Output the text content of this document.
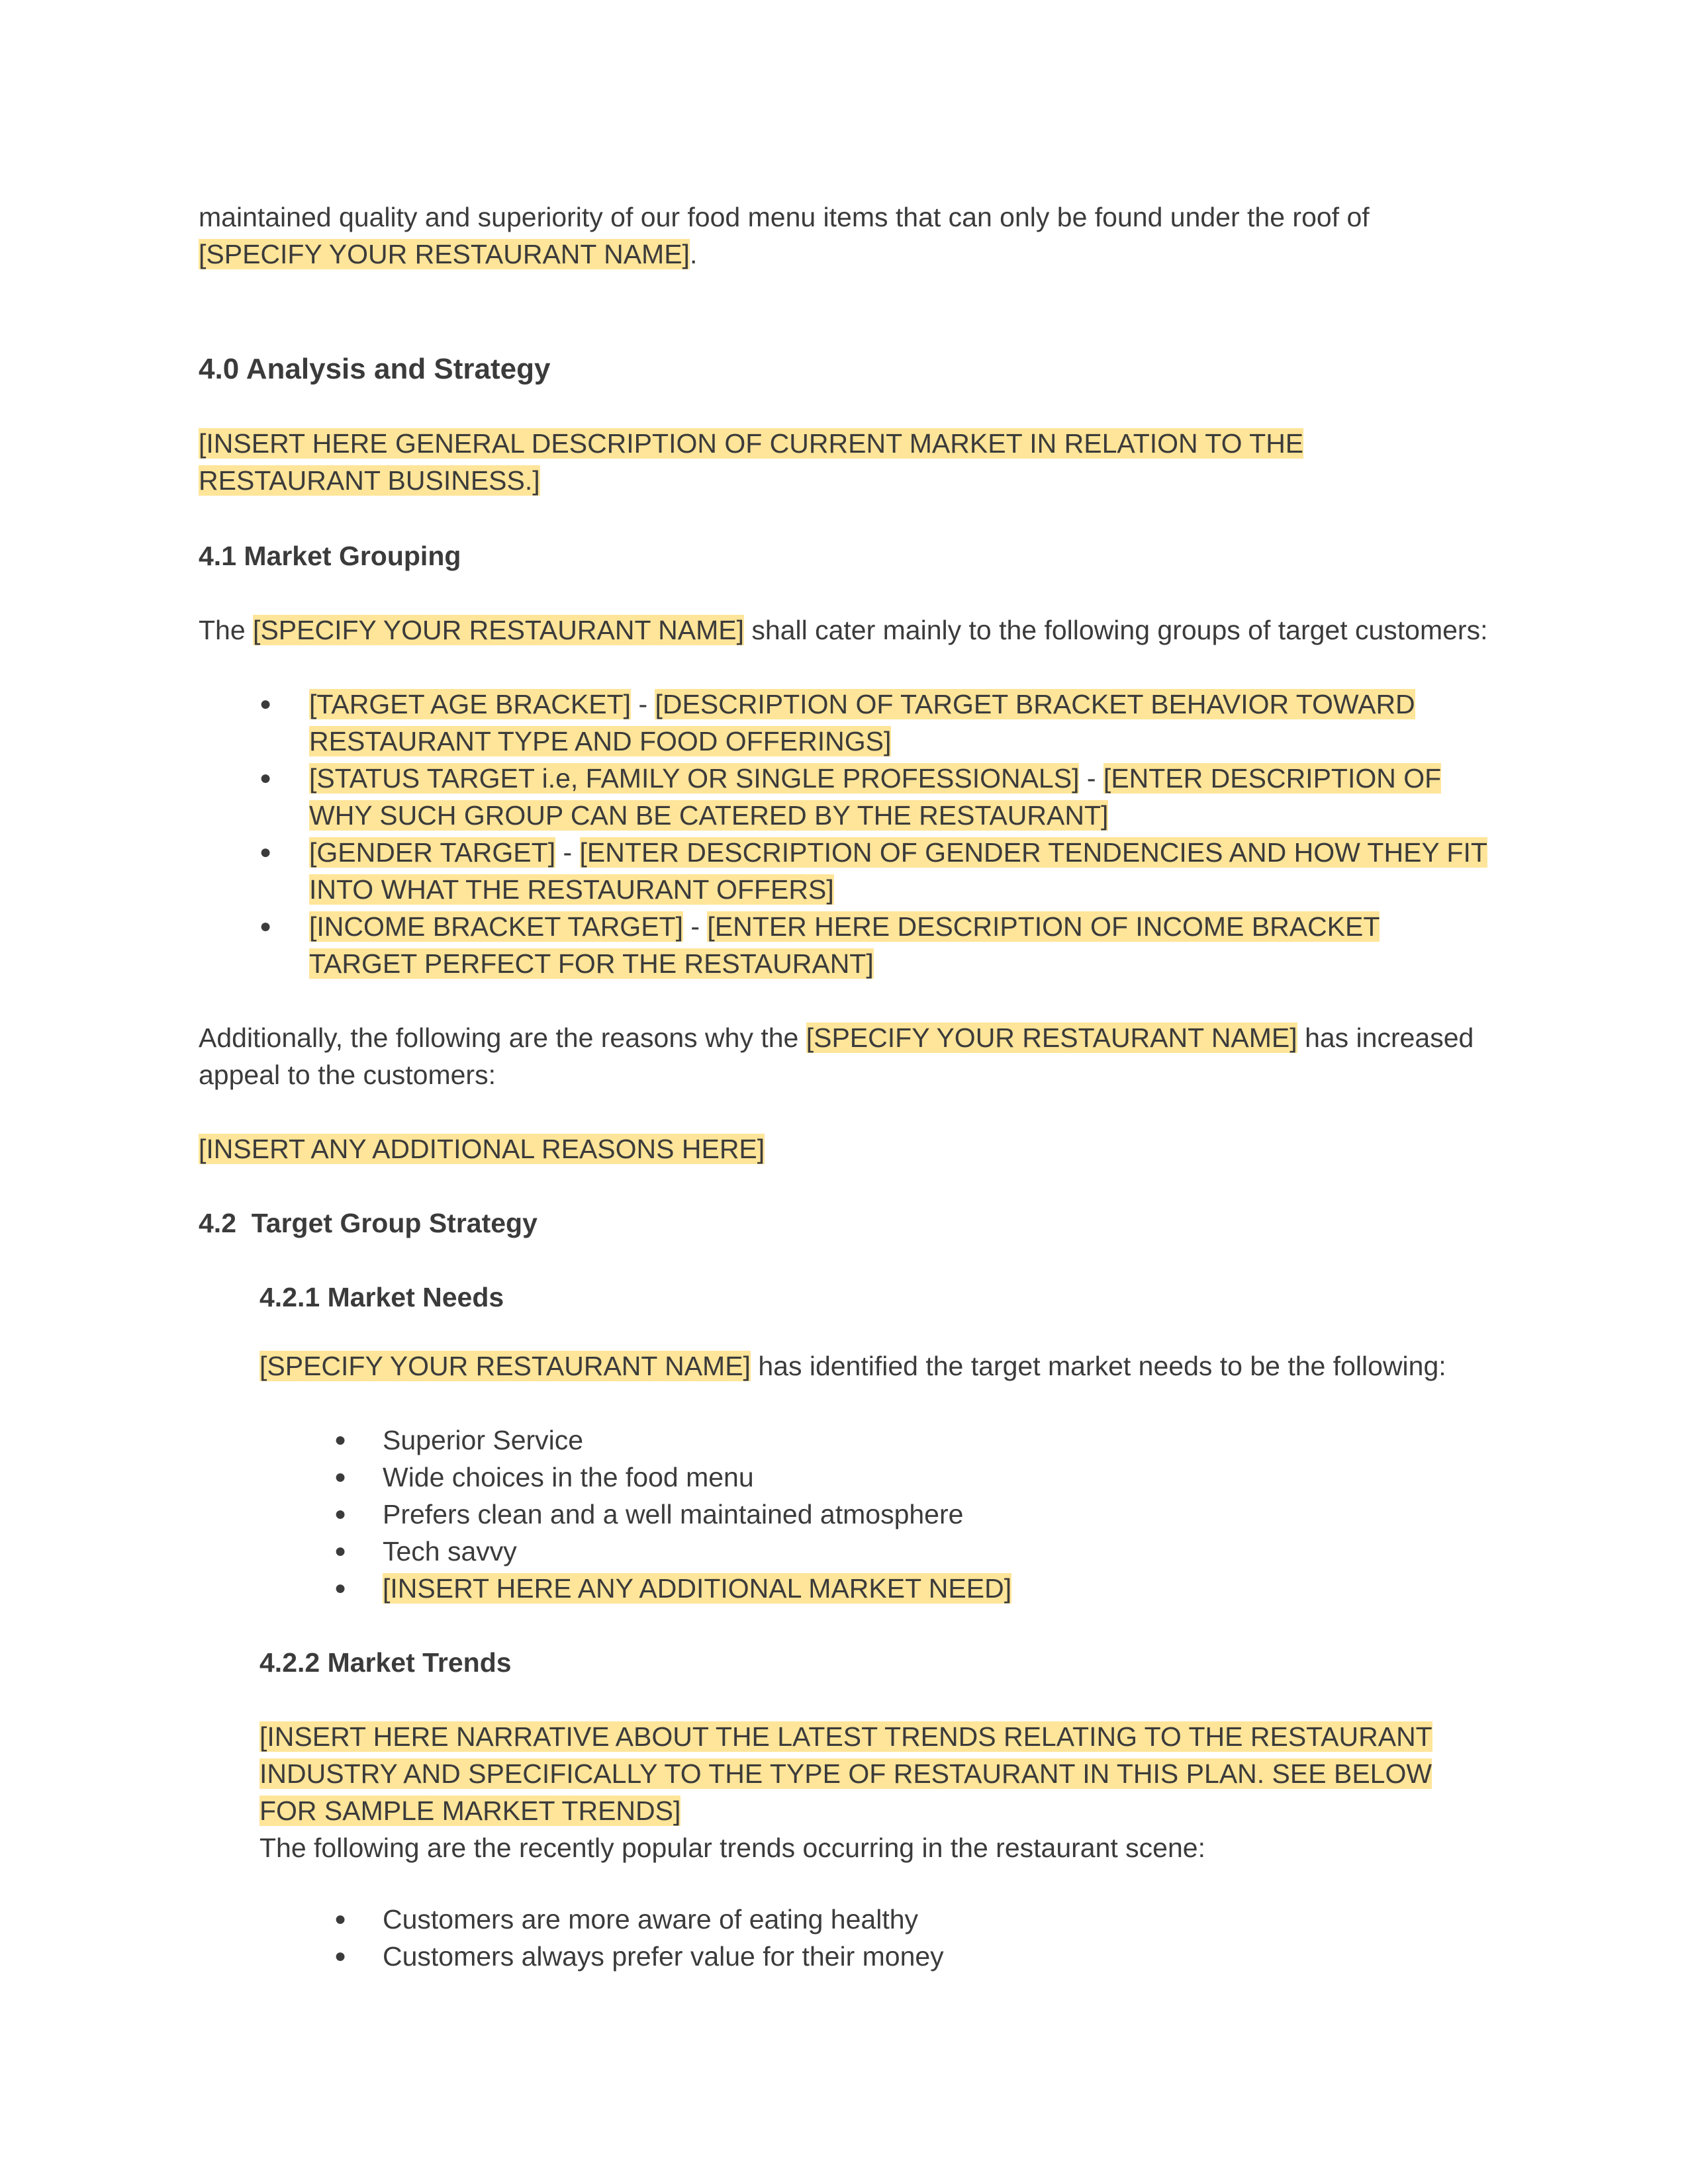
maintained quality and superiority of our food menu items that can only be found under the roof of [SPECIFY YOUR RESTAURANT NAME].

4.0 Analysis and Strategy

[INSERT HERE GENERAL DESCRIPTION OF CURRENT MARKET IN RELATION TO THE RESTAURANT BUSINESS.]

4.1 Market Grouping

The [SPECIFY YOUR RESTAURANT NAME] shall cater mainly to the following groups of target customers:

●	[TARGET AGE BRACKET] - [DESCRIPTION OF TARGET BRACKET BEHAVIOR TOWARD RESTAURANT TYPE AND FOOD OFFERINGS]
●	[STATUS TARGET i.e, FAMILY OR SINGLE PROFESSIONALS] - [ENTER DESCRIPTION OF WHY SUCH GROUP CAN BE CATERED BY THE RESTAURANT]
●	[GENDER TARGET] - [ENTER DESCRIPTION OF GENDER TENDENCIES AND HOW THEY FIT INTO WHAT THE RESTAURANT OFFERS]
●	[INCOME BRACKET TARGET] - [ENTER HERE DESCRIPTION OF INCOME BRACKET TARGET PERFECT FOR THE RESTAURANT]

Additionally, the following are the reasons why the [SPECIFY YOUR RESTAURANT NAME] has increased appeal to the customers:

[INSERT ANY ADDITIONAL REASONS HERE]

4.2 Target Group Strategy

4.2.1 Market Needs

[SPECIFY YOUR RESTAURANT NAME] has identified the target market needs to be the following:

●	Superior Service
●	Wide choices in the food menu
●	Prefers clean and a well maintained atmosphere
●	Tech savvy
●	[INSERT HERE ANY ADDITIONAL MARKET NEED]

4.2.2 Market Trends

[INSERT HERE NARRATIVE ABOUT THE LATEST TRENDS RELATING TO THE RESTAURANT INDUSTRY AND SPECIFICALLY TO THE TYPE OF RESTAURANT IN THIS PLAN. SEE BELOW FOR SAMPLE MARKET TRENDS]

The following are the recently popular trends occurring in the restaurant scene:

●	Customers are more aware of eating healthy
●	Customers always prefer value for their money
